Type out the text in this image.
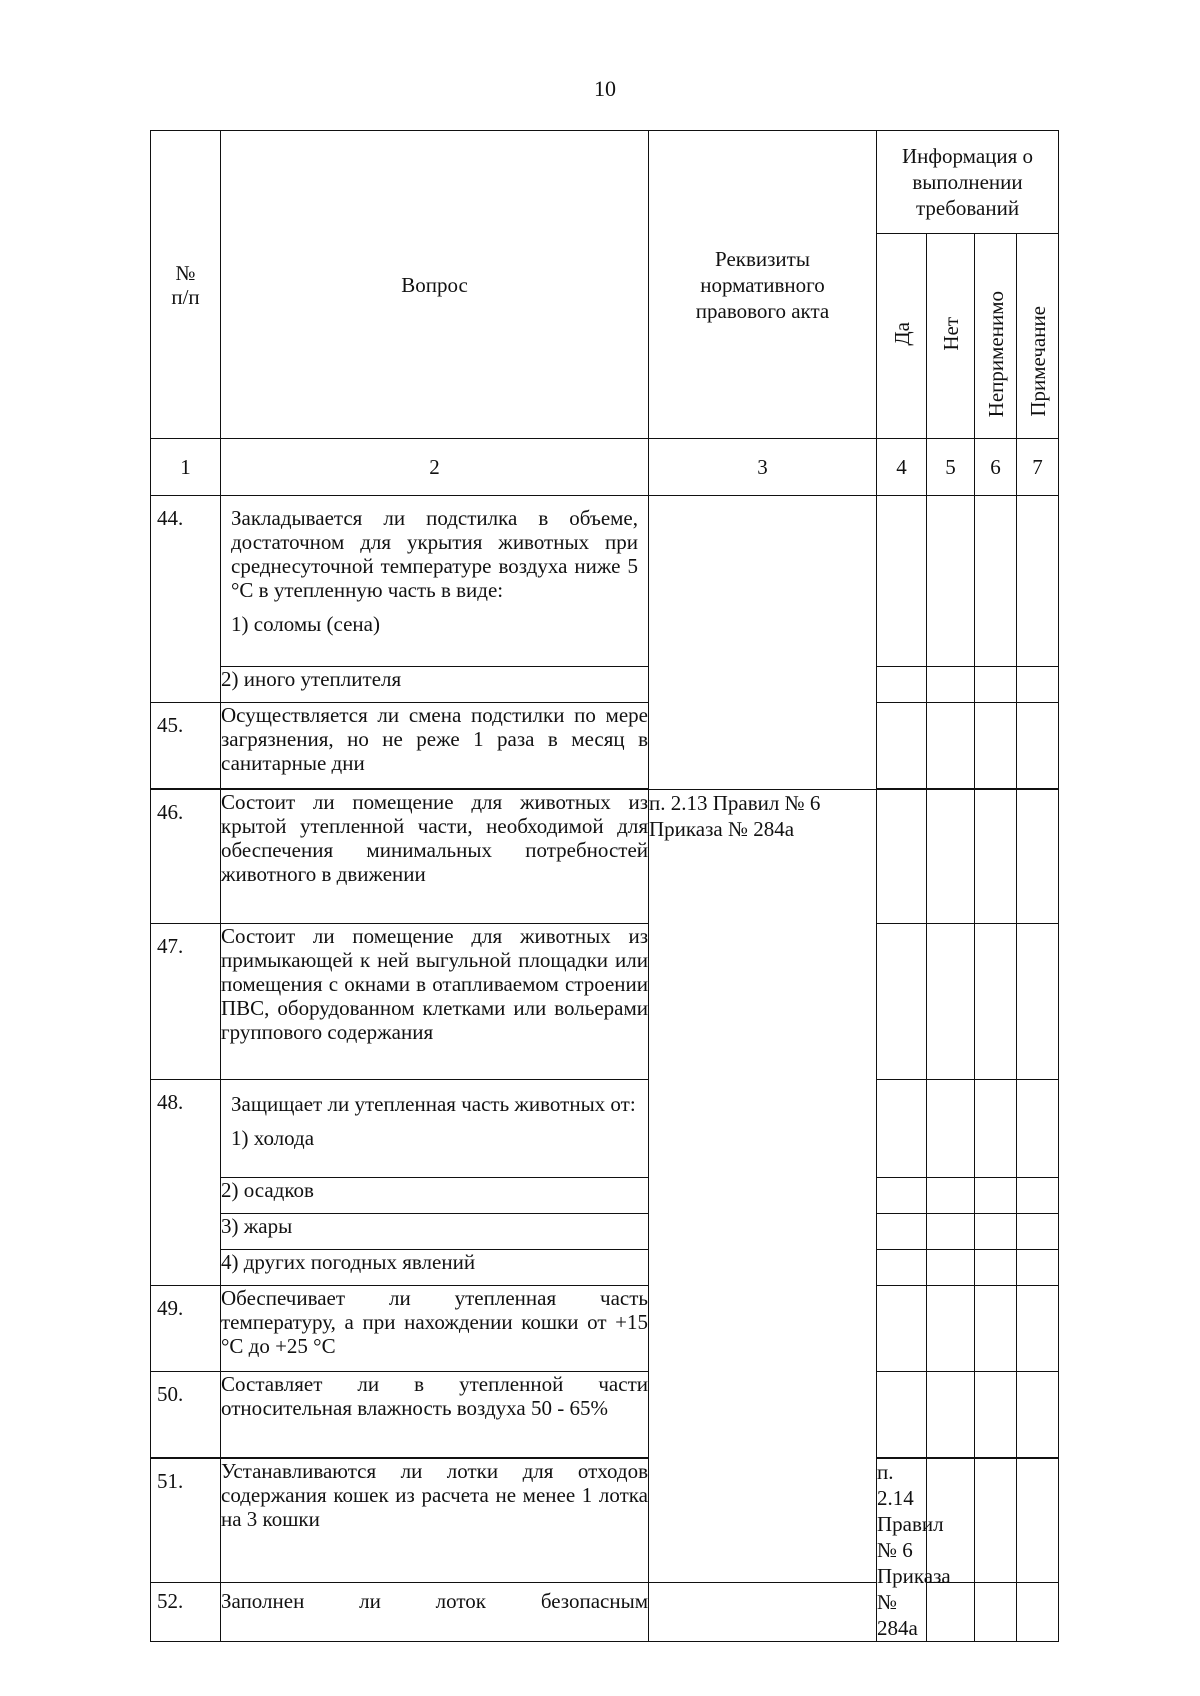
10
№
п/п	Вопрос	Реквизиты нормативного правового акта	Информация о выполнении требований				
			Да	Нет	Неприменимо	Примечание	
1	2	3	4	5	6	7	
44.	Закладывается ли подстилка в объеме, достаточном для укрытия животных при среднесуточной температуре воздуха ниже 5 °С в утепленную часть в виде:
1) соломы (сена)						

	2) иного утеплителя						
45.	Осуществляется ли смена подстилки по мере загрязнения, но не реже 1 раза в месяц в санитарные дни						

46.	Состоит ли помещение для животных из крытой утепленной части, необходимой для обеспечения минимальных потребностей животного в движении	п. 2.13 Правил № 6 Приказа № 284а					
47.	Состоит ли помещение для животных из примыкающей к ней выгульной площадки или помещения с окнами в отапливаемом строении ПВС, оборудованном клетками или вольерами группового содержания						
48.	Защищает ли утепленная часть животных от:
1) холода						

	2) осадков						
	3) жары						
	4) других погодных явлений						
49.	Обеспечивает ли утепленная часть температуру, а при нахождении кошки от +15 °С до +25 °С						
50.	Составляет ли в утепленной части относительная влажность воздуха 50 - 65%						

51.	Устанавливаются ли лотки для отходов содержания кошек из расчета не менее 1 лотка на 3 кошки		п. 2.14 Правил № 6 Приказа № 284а				
52.	Заполнен ли лоток безопасным						
